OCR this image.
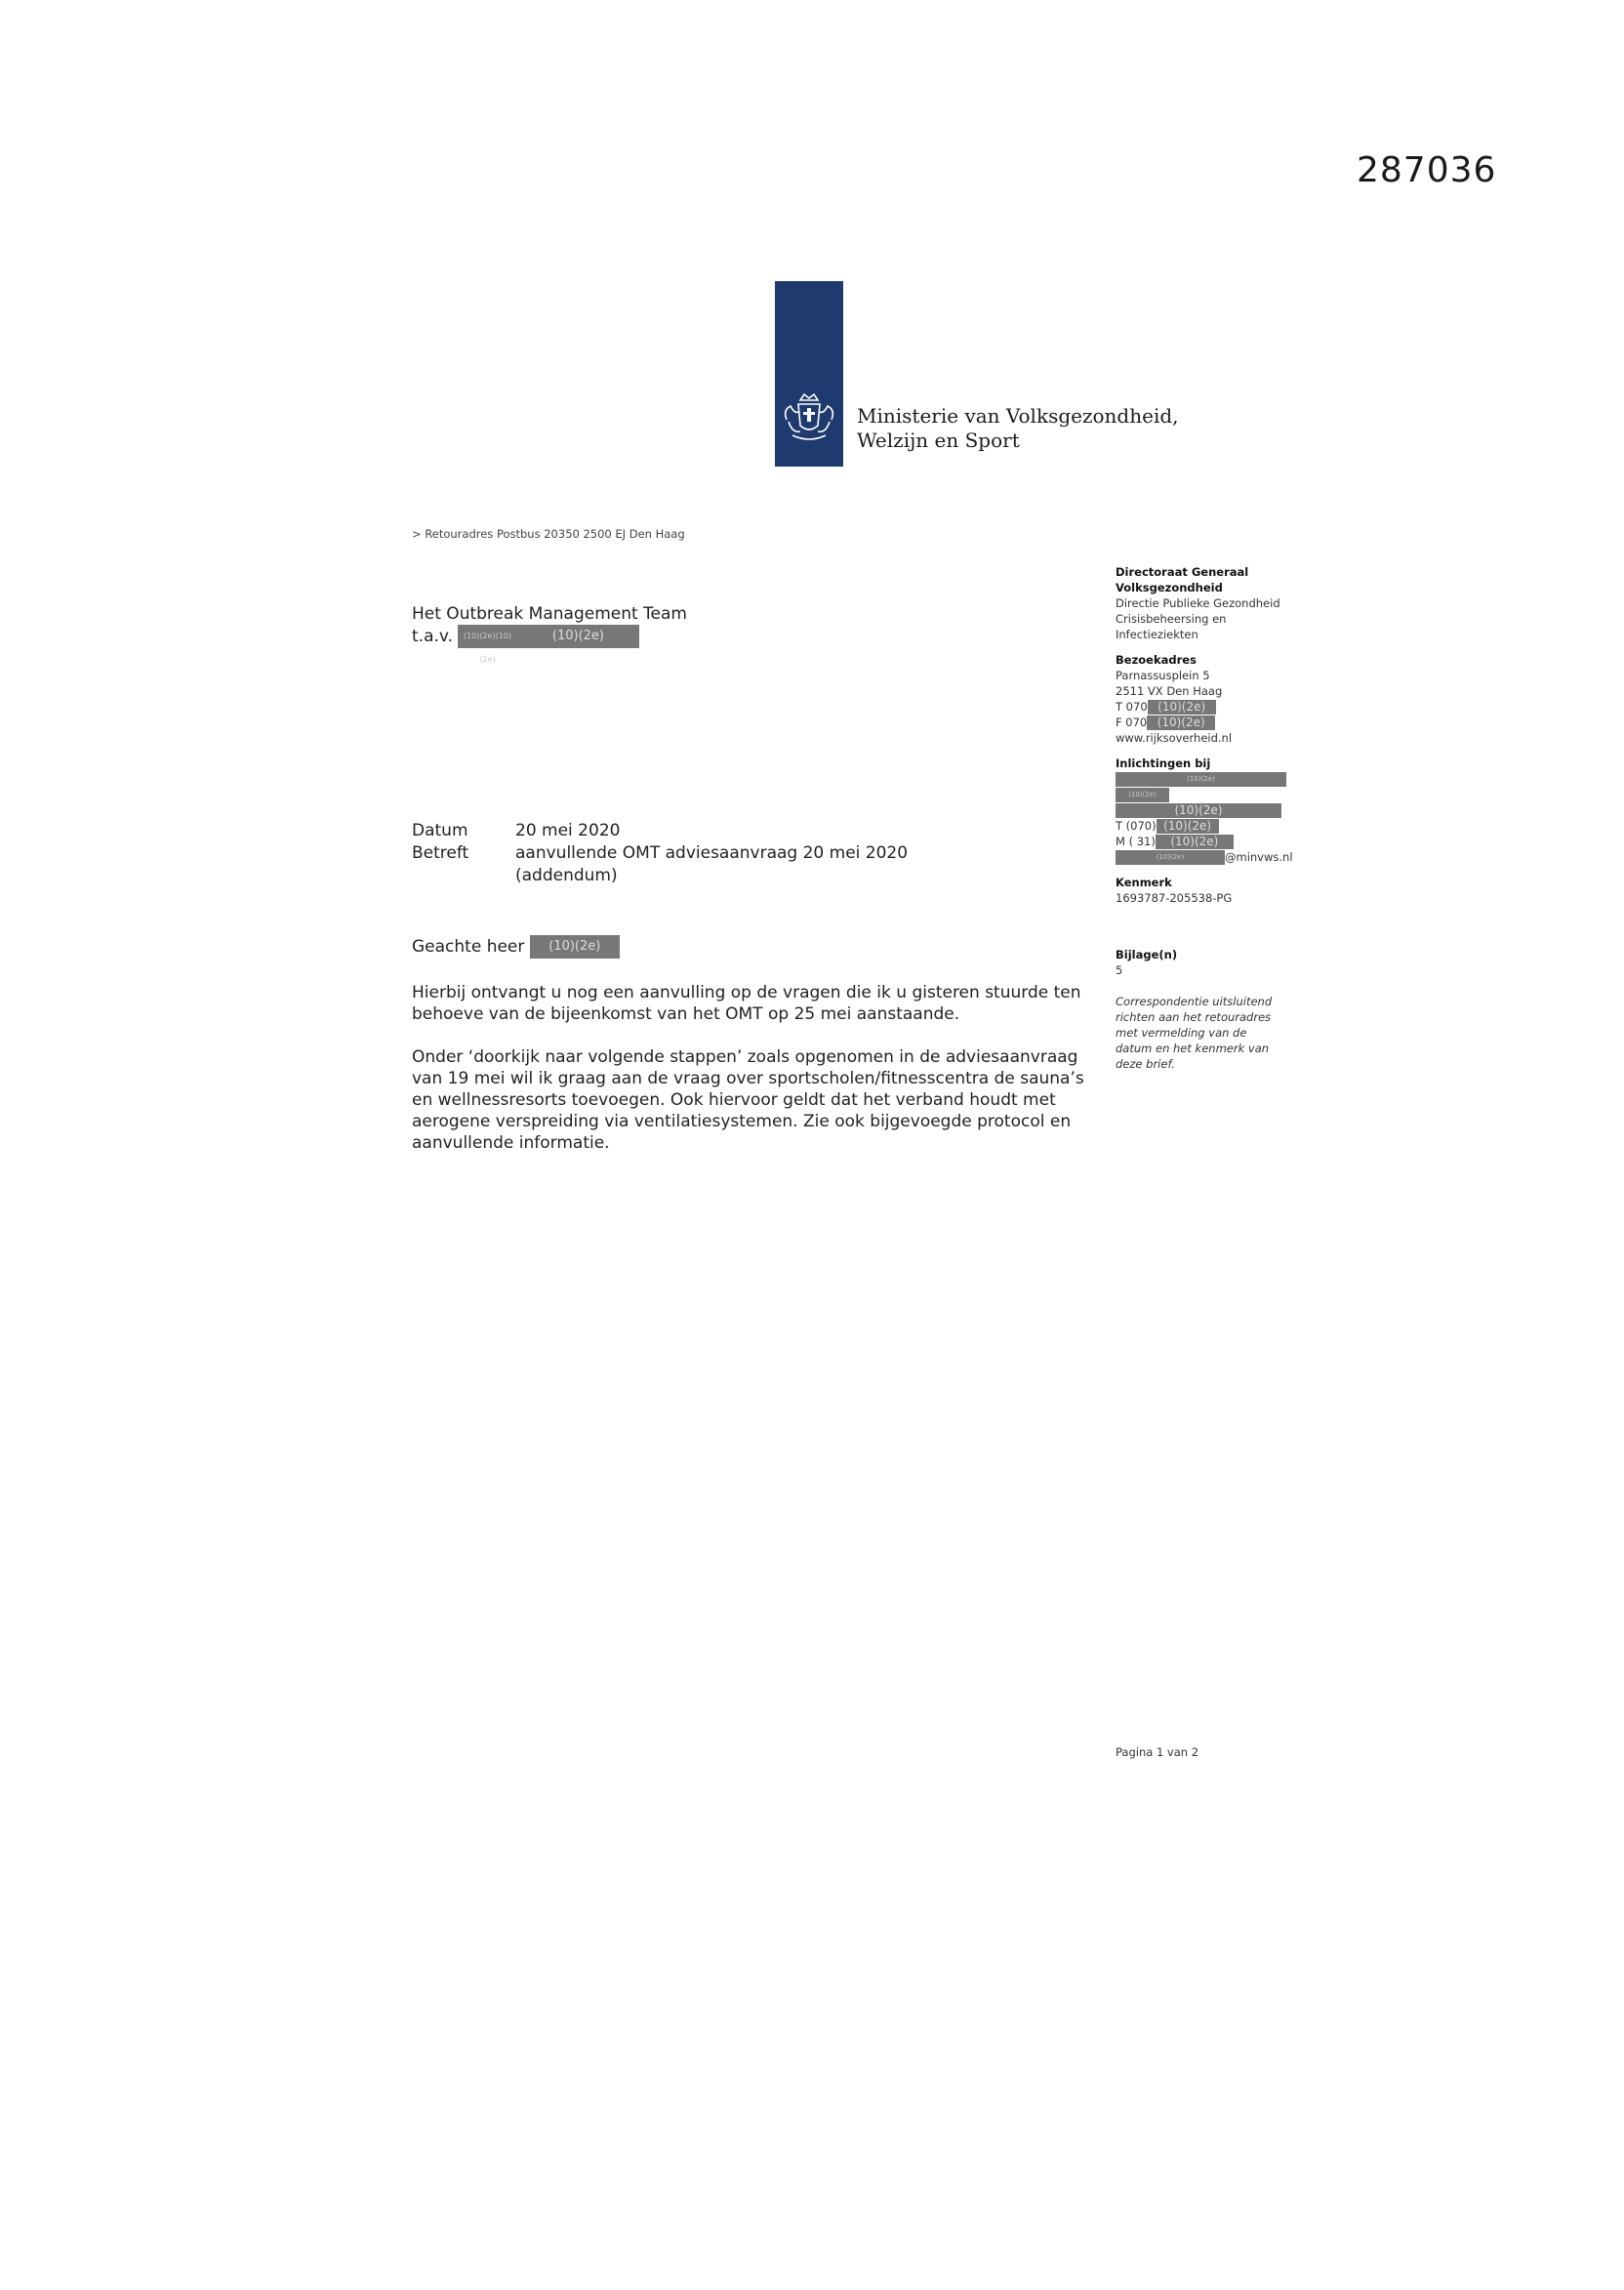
287036
Ministerie van Volksgezondheid,
Welzijn en Sport
> Retouradres Postbus 20350 2500 EJ Den Haag
Het Outbreak Management Team
t.a.v. (10)(2e)(10)(2e)(10)(2e)
Datum	20 mei 2020
Betreft	aanvullende OMT adviesaanvraag 20 mei 2020
(addendum)
Geachte heer (10)(2e)
Hierbij ontvangt u nog een aanvulling op de vragen die ik u gisteren stuurde ten behoeve van de bijeenkomst van het OMT op 25 mei aanstaande.
Onder ‘doorkijk naar volgende stappen’ zoals opgenomen in de adviesaanvraag van 19 mei wil ik graag aan de vraag over sportscholen/fitnesscentra de sauna’s en wellnessresorts toevoegen. Ook hiervoor geldt dat het verband houdt met aerogene verspreiding via ventilatiesystemen. Zie ook bijgevoegde protocol en aanvullende informatie.
Directoraat Generaal
Volksgezondheid
Directie Publieke Gezondheid
Crisisbeheersing en
Infectieziekten
Bezoekadres
Parnassusplein 5
2511 VX Den Haag
T 070 (10)(2e)
F 070 (10)(2e)
www.rijksoverheid.nl
Inlichtingen bij
(10)(2e)
(10)(2e)
(10)(2e)
T (070) (10)(2e)
M ( 31) (10)(2e)
(10)(2e)	@minvws.nl
Kenmerk
1693787-205538-PG
Bijlage(n)
5
Correspondentie uitsluitend
richten aan het retouradres
met vermelding van de
datum en het kenmerk van
deze brief.
Pagina 1 van 2
